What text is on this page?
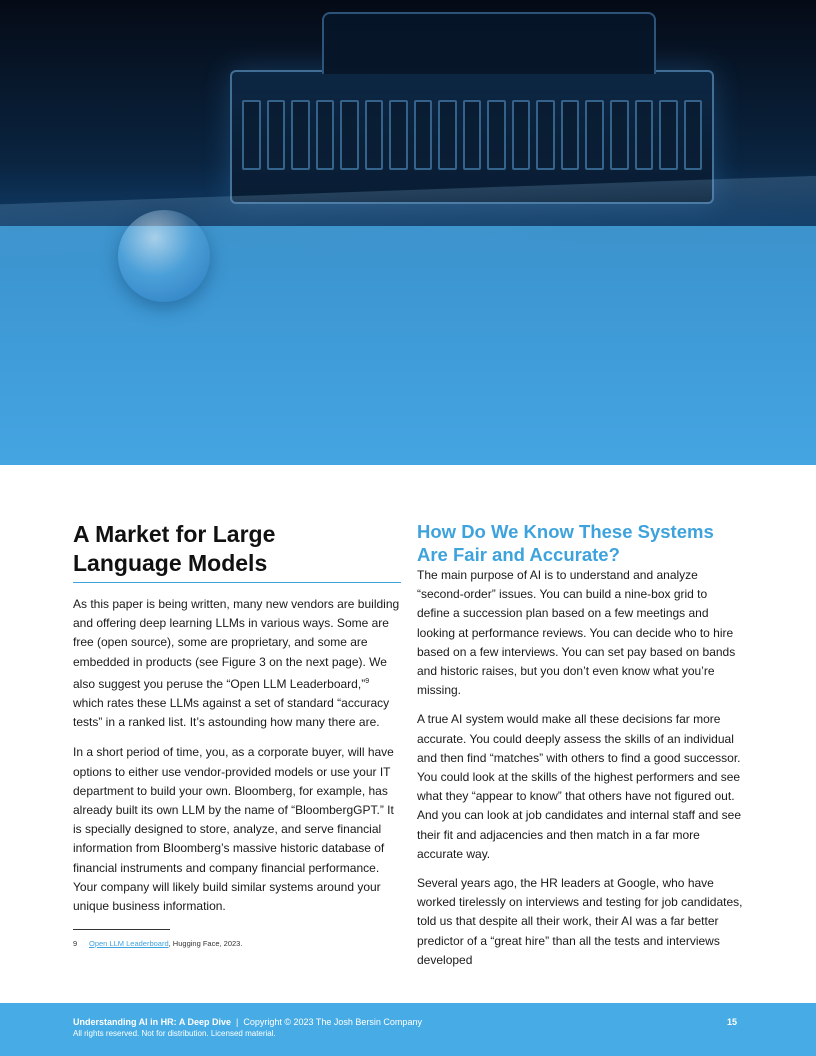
A Market for Large
Language Models

As this paper is being written, many new vendors are building and offering deep learning LLMs in various ways. Some are free (open source), some are proprietary, and some are embedded in products (see Figure 3 on the next page). We also suggest you peruse the “Open LLM Leaderboard,”$^9$ which rates these LLMs against a set of standard “accuracy tests” in a ranked list. It’s astounding how many there are.

In a short period of time, you, as a corporate buyer, will have options to either use vendor-provided models or use your IT department to build your own. Bloomberg, for example, has already built its own LLM by the name of “BloombergGPT.” It is specially designed to store, analyze, and serve financial information from Bloomberg’s massive historic database of financial instruments and company financial performance. Your company will likely build similar systems around your unique business information.

How Do We Know These Systems Are Fair and Accurate?

The main purpose of AI is to understand and analyze “second-order” issues. You can build a nine-box grid to define a succession plan based on a few meetings and looking at performance reviews. You can decide who to hire based on a few interviews. You can set pay based on bands and historic raises, but you don’t even know what you’re missing.

A true AI system would make all these decisions far more accurate. You could deeply assess the skills of an individual and then find “matches” with others to find a good successor. You could look at the skills of the highest performers and see what they “appear to know” that others have not figured out. And you can look at job candidates and internal staff and see their fit and adjacencies and then match in a far more accurate way.

Several years ago, the HR leaders at Google, who have worked tirelessly on interviews and testing for job candidates, told us that despite all their work, their AI was a far better predictor of a “great hire” than all the tests and interviews developed

9 Open LLM Leaderboard, Hugging Face, 2023.
Understanding AI in HR: A Deep Dive | Copyright © 2023 The Josh Bersin Company
All rights reserved. Not for distribution. Licensed material.
15
